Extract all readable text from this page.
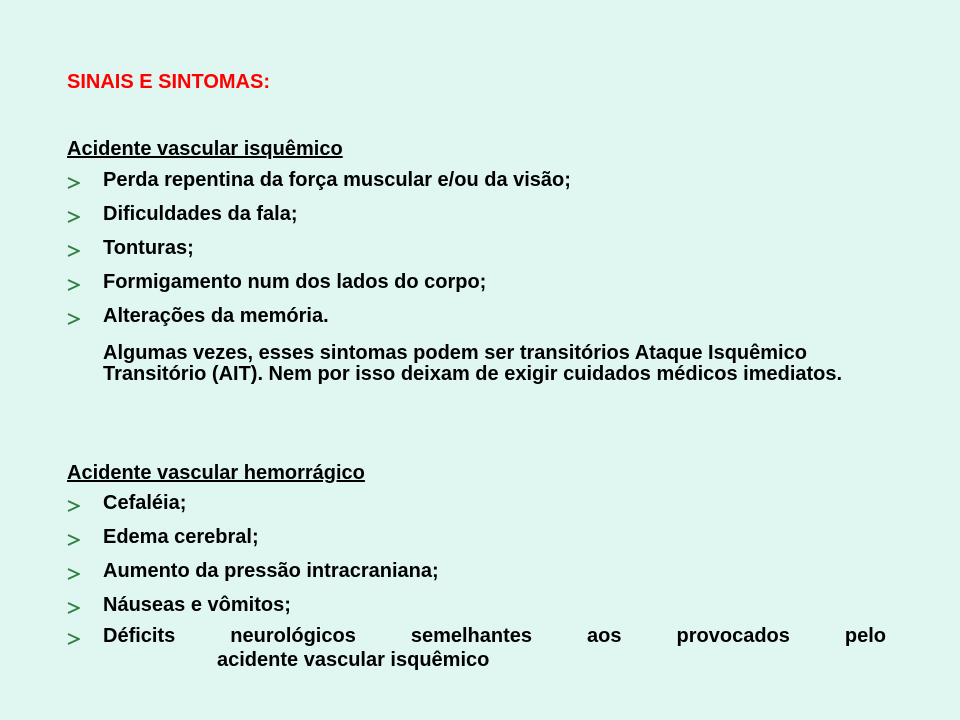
SINAIS E SINTOMAS:
Acidente vascular isquêmico
Perda repentina da força muscular e/ou da visão;
Dificuldades da fala;
Tonturas;
Formigamento num dos lados do corpo;
Alterações da memória.
Algumas vezes, esses sintomas podem ser transitórios Ataque Isquêmico Transitório (AIT). Nem por isso deixam de exigir cuidados médicos imediatos.
Acidente vascular hemorrágico
Cefaléia;
Edema cerebral;
Aumento da pressão intracraniana;
Náuseas e vômitos;
Déficits neurológicos semelhantes aos provocados pelo
acidente vascular isquêmico
